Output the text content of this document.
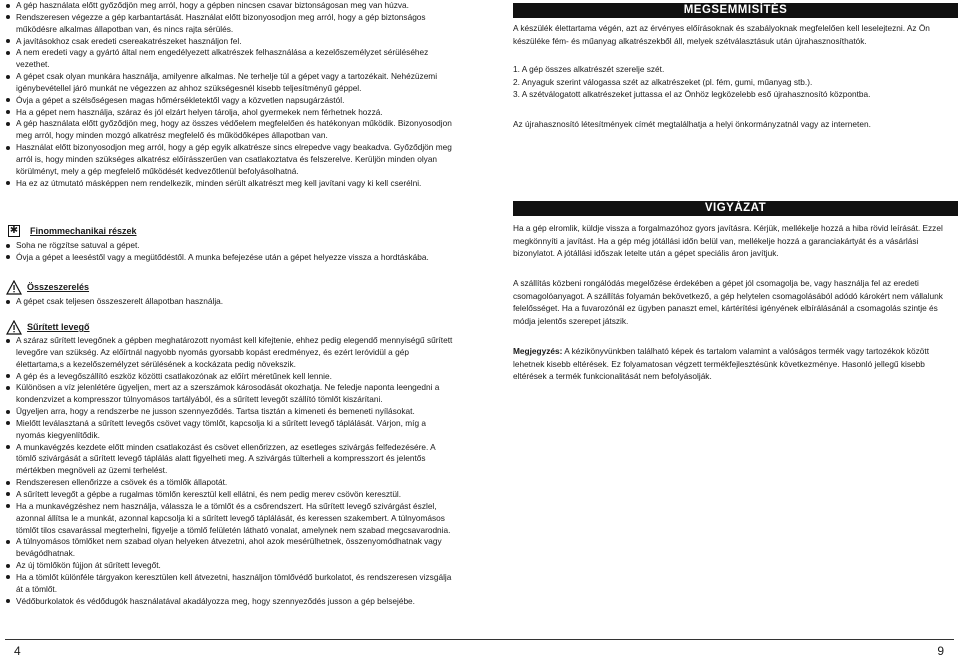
A gép használata előtt győződjön meg arról, hogy a gépben nincsen csavar biztonságosan meg van húzva.

Rendszeresen végezze a gép karbantartását. Használat előtt bizonyosodjon meg arról, hogy a gép biztonságos működésre alkalmas állapotban van, és nincs rajta sérülés.

A javításokhoz csak eredeti csereakatrészeket használjon fel.

A nem eredeti vagy a gyártó által nem engedélyezett alkatrészek felhasználása a kezelőszemélyzet sérüléséhez vezethet.

A gépet csak olyan munkára használja, amilyenre alkalmas. Ne terhelje túl a gépet vagy a tartozékait. Nehézüzemi igénybevétellel járó munkát ne végezzen az ahhoz szükségesnél kisebb teljesítményű géppel.

Óvja a gépet a szélsőségesen magas hőmérsékletektől vagy a közvetlen napsugárzástól.

Ha a gépet nem használja, száraz és jól elzárt helyen tárolja, ahol gyermekek nem férhetnek hozzá.

A gép használata előtt győződjön meg, hogy az összes védőelem megfelelően és hatékonyan működik. Bizonyosodjon meg arról, hogy minden mozgó alkatrész megfelelő és működőképes állapotban van.

Használat előtt bizonyosodjon meg arról, hogy a gép egyik alkatrésze sincs elrepedve vagy beakadva. Győződjön meg arról is, hogy minden szükséges alkatrész előírásszerűen van csatlakoztatva és felszerelve. Kerüljön minden olyan körülményt, mely a gép megfelelő működését kedvezőtlenül befolyásolhatná.

Ha ez az útmutató másképpen nem rendelkezik, minden sérült alkatrészt meg kell javítani vagy ki kell cserélni.

✱ Finommechanikai részek

Soha ne rögzítse satuval a gépet.

Óvja a gépet a leeséstől vagy a megütődéstől. A munka befejezése után a gépet helyezze vissza a hordtáskába.

Összeszerelés

A gépet csak teljesen összeszerelt állapotban használja.

Sűrített levegő

A száraz sűrített levegőnek a gépben meghatározott nyomást kell kifejtenie, ehhez pedig elegendő mennyiségű sűrített levegőre van szükség. Az előírtnál nagyobb nyomás gyorsabb kopást eredményez, és ezért leróvidül a gép élettartama,s a kezelőszemélyzet sérülésének a kockázata pedig növekszik.

A gép és a levegőszállító eszköz közötti csatlakozónak az előírt méretűnek kell lennie.

Különösen a víz jelenlétére ügyeljen, mert az a szerszámok károsodását okozhatja. Ne feledje napontа leengedni a kondenzvizet a kompresszor túlnyomásos tartályából, és a sűrített levegőt szállító tömlőt kiszárítani.

Ügyeljen arra, hogy a rendszerbe ne jusson szennyeződés. Tartsa tisztán a kimeneti és bemeneti nyílásokat.

Mielőtt leválasztaná a sűrített levegős csövet vagy tömlőt, kapcsolja ki a sűrített levegő táplálását. Várjon, míg a nyomás kiegyenlítődik.

A munkavégzés kezdete előtt minden csatlakozást és csövet ellenőrizzen, az esetleges szivárgás felfedezésére. A tömlő szivárgását a sűrített levegő táplálás alatt figyelheti meg. A szivárgás tülterheli a kompresszort és jelentős mértékben megnöveli az üzemi terhelést.

Rendszeresen ellenőrizze a csövek és a tömlők állapotát.

A sűrített levegőt a gépbe a rugalmas tömlőn keresztül kell ellátni, és nem pedig merev csövön keresztül.

Ha a munkavégzéshez nem használja, válassza le a tömlőt és a csőrendszert. Ha sűrített levegő szivárgást észlel, azonnal állítsa le a munkát, azonnal kapcsolja ki a sűrített levegő táplálását, és keressen szakembert. A túlnyomásos tömlőt tilos csavarással megterhelni, figyelje a tömlő felületén látható vonalat, amelynek nem szabad megcsavarodnia.

A túlnyomásos tömlőket nem szabad olyan helyeken átvezetni, ahol azok mesérülhetnek, összenyomódhatnak vagy bevágódhatnak.

Az új tömlőkön fújjon át sűrített levegőt.

Ha a tömlőt különféle tárgyakon keresztülen kell átvezetni, használjon tömlővédő burkolatot, és rendszeresen vizsgálja át a tömlőt.

Védőburkolatok és védődugók használatával akadályozza meg, hogy szennyeződés jusson a gép belsejébe.

MEGSEMMISÍTÉS

A készülék élettartama végén, azt az érvényes előírásoknak és szabályoknak megfelelően kell leselejtezni. Az Ön készüléke fém- és műanyag alkatrészekből áll, melyek szétválasztásuk után újrahasznosíthatók.

1. A gép összes alkatrészét szerelje szét.

2. Anyaguk szerint válogassa szét az alkatrészeket (pl. fém, gumi, műanyag stb.).

3. A szétválogatott alkatrészeket juttassa el az Önhöz legközelebb eső újrahasznosító központba.

Az újrahasznosító létesítmények címét megtalálhatja a helyi önkormányzatnál vagy az interneten.

VIGYÁZAT

Ha a gép elromlik, küldje vissza a forgalmazóhoz gyors javításra. Kérjük, mellékelje hozzá a hiba rövid leírását. Ezzel megkönnyíti a javítást. Ha a gép még jótállási időn belül van, mellékelje hozzá a garanciakártyát és a vásárlási bizonylatot. A jótállási időszak letelte után a gépet speciális áron javítjuk.

A szállítás közbeni rongálódás megelőzése érdekében a gépet jól csomagolja be, vagy használja fel az eredeti csomagolóanyagot. A szállítás folyamán bekövetkező, a gép helytelen csomagolásából adódó károkért nem vállalunk felelősséget. Ha a fuvarozónál ez ügyben panaszt emel, kártérítési igényének elbírálásánál a csomagolás szintje és módja jelentős szerepet játszik.

Megjegyzés: A kézikönyvünkben található képek és tartalom valamint a valóságos termék vagy tartozékok között lehetnek kisebb eltérések. Ez folyamatosan végzett termékfejlesztésünk következménye. Hasonló jellegű kisebb eltérések a termék funkcionalitását nem befolyásolják.

4	9
